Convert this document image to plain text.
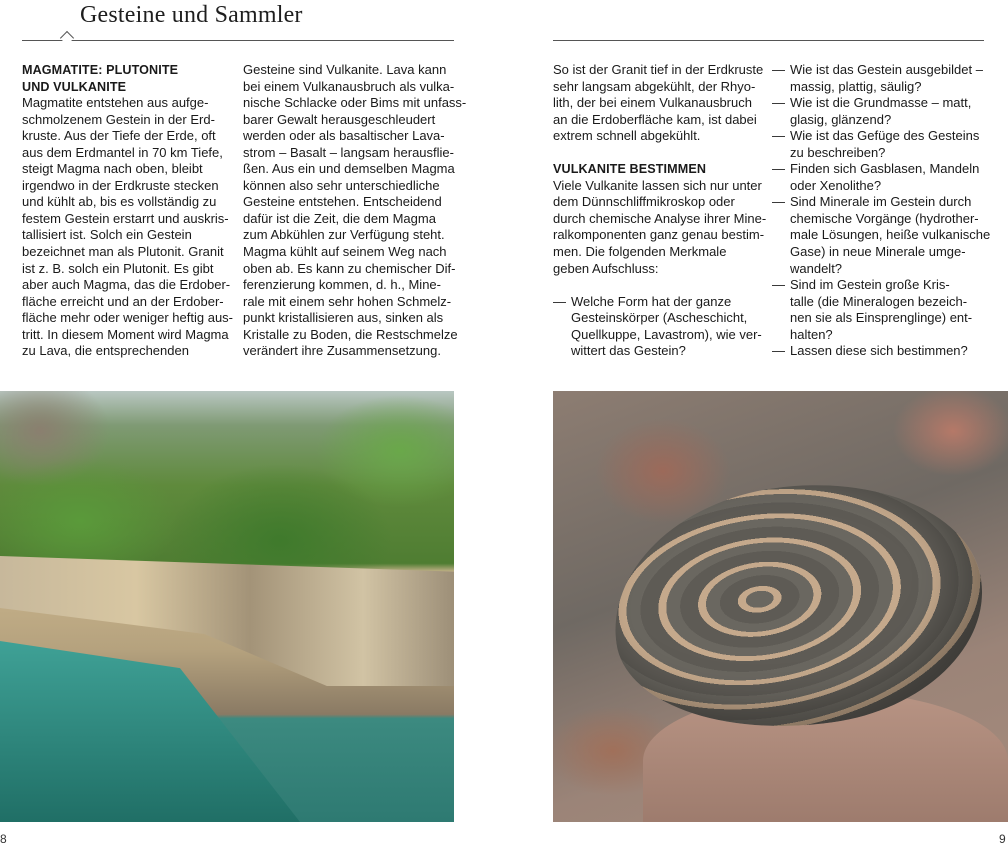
Gesteine und Sammler
MAGMATITE: PLUTONITE
UND VULKANITE
Magmatite entstehen aus aufge-
schmolzenem Gestein in der Erd-
kruste. Aus der Tiefe der Erde, oft
aus dem Erdmantel in 70 km Tiefe,
steigt Magma nach oben, bleibt
irgendwo in der Erdkruste stecken
und kühlt ab, bis es vollständig zu
festem Gestein erstarrt und auskris-
tallisiert ist. Solch ein Gestein
bezeichnet man als Plutonit. Granit
ist z. B. solch ein Plutonit. Es gibt
aber auch Magma, das die Erdober-
fläche erreicht und an der Erdober-
fläche mehr oder weniger heftig aus-
tritt. In diesem Moment wird Magma
zu Lava, die entsprechenden
Gesteine sind Vulkanite. Lava kann
bei einem Vulkanausbruch als vulka-
nische Schlacke oder Bims mit unfass-
barer Gewalt herausgeschleudert
werden oder als basaltischer Lava-
strom – Basalt – langsam herausflie-
ßen. Aus ein und demselben Magma
können also sehr unterschiedliche
Gesteine entstehen. Entscheidend
dafür ist die Zeit, die dem Magma
zum Abkühlen zur Verfügung steht.
Magma kühlt auf seinem Weg nach
oben ab. Es kann zu chemischer Dif-
ferenzierung kommen, d. h., Mine-
rale mit einem sehr hohen Schmelz-
punkt kristallisieren aus, sinken als
Kristalle zu Boden, die Restschmelze
verändert ihre Zusammensetzung.
So ist der Granit tief in der Erdkruste
sehr langsam abgekühlt, der Rhyo-
lith, der bei einem Vulkanausbruch
an die Erdoberfläche kam, ist dabei
extrem schnell abgekühlt.
VULKANITE BESTIMMEN
Viele Vulkanite lassen sich nur unter
dem Dünnschliffmikroskop oder
durch chemische Analyse ihrer Mine-
ralkomponenten ganz genau bestim-
men. Die folgenden Merkmale
geben Aufschluss:
— Welche Form hat der ganze
Gesteinskörper (Ascheschicht,
Quellkuppe, Lavastrom), wie ver-
wittert das Gestein?
— Wie ist das Gestein ausgebildet –
massig, plattig, säulig?
— Wie ist die Grundmasse – matt,
glasig, glänzend?
— Wie ist das Gefüge des Gesteins
zu beschreiben?
— Finden sich Gasblasen, Mandeln
oder Xenolithe?
— Sind Minerale im Gestein durch
chemische Vorgänge (hydrother-
male Lösungen, heiße vulkanische
Gase) in neue Minerale umge-
wandelt?
— Sind im Gestein große Kris-
talle (die Mineralogen bezeich-
nen sie als Einsprenglinge) ent-
halten?
— Lassen diese sich bestimmen?
8	9
